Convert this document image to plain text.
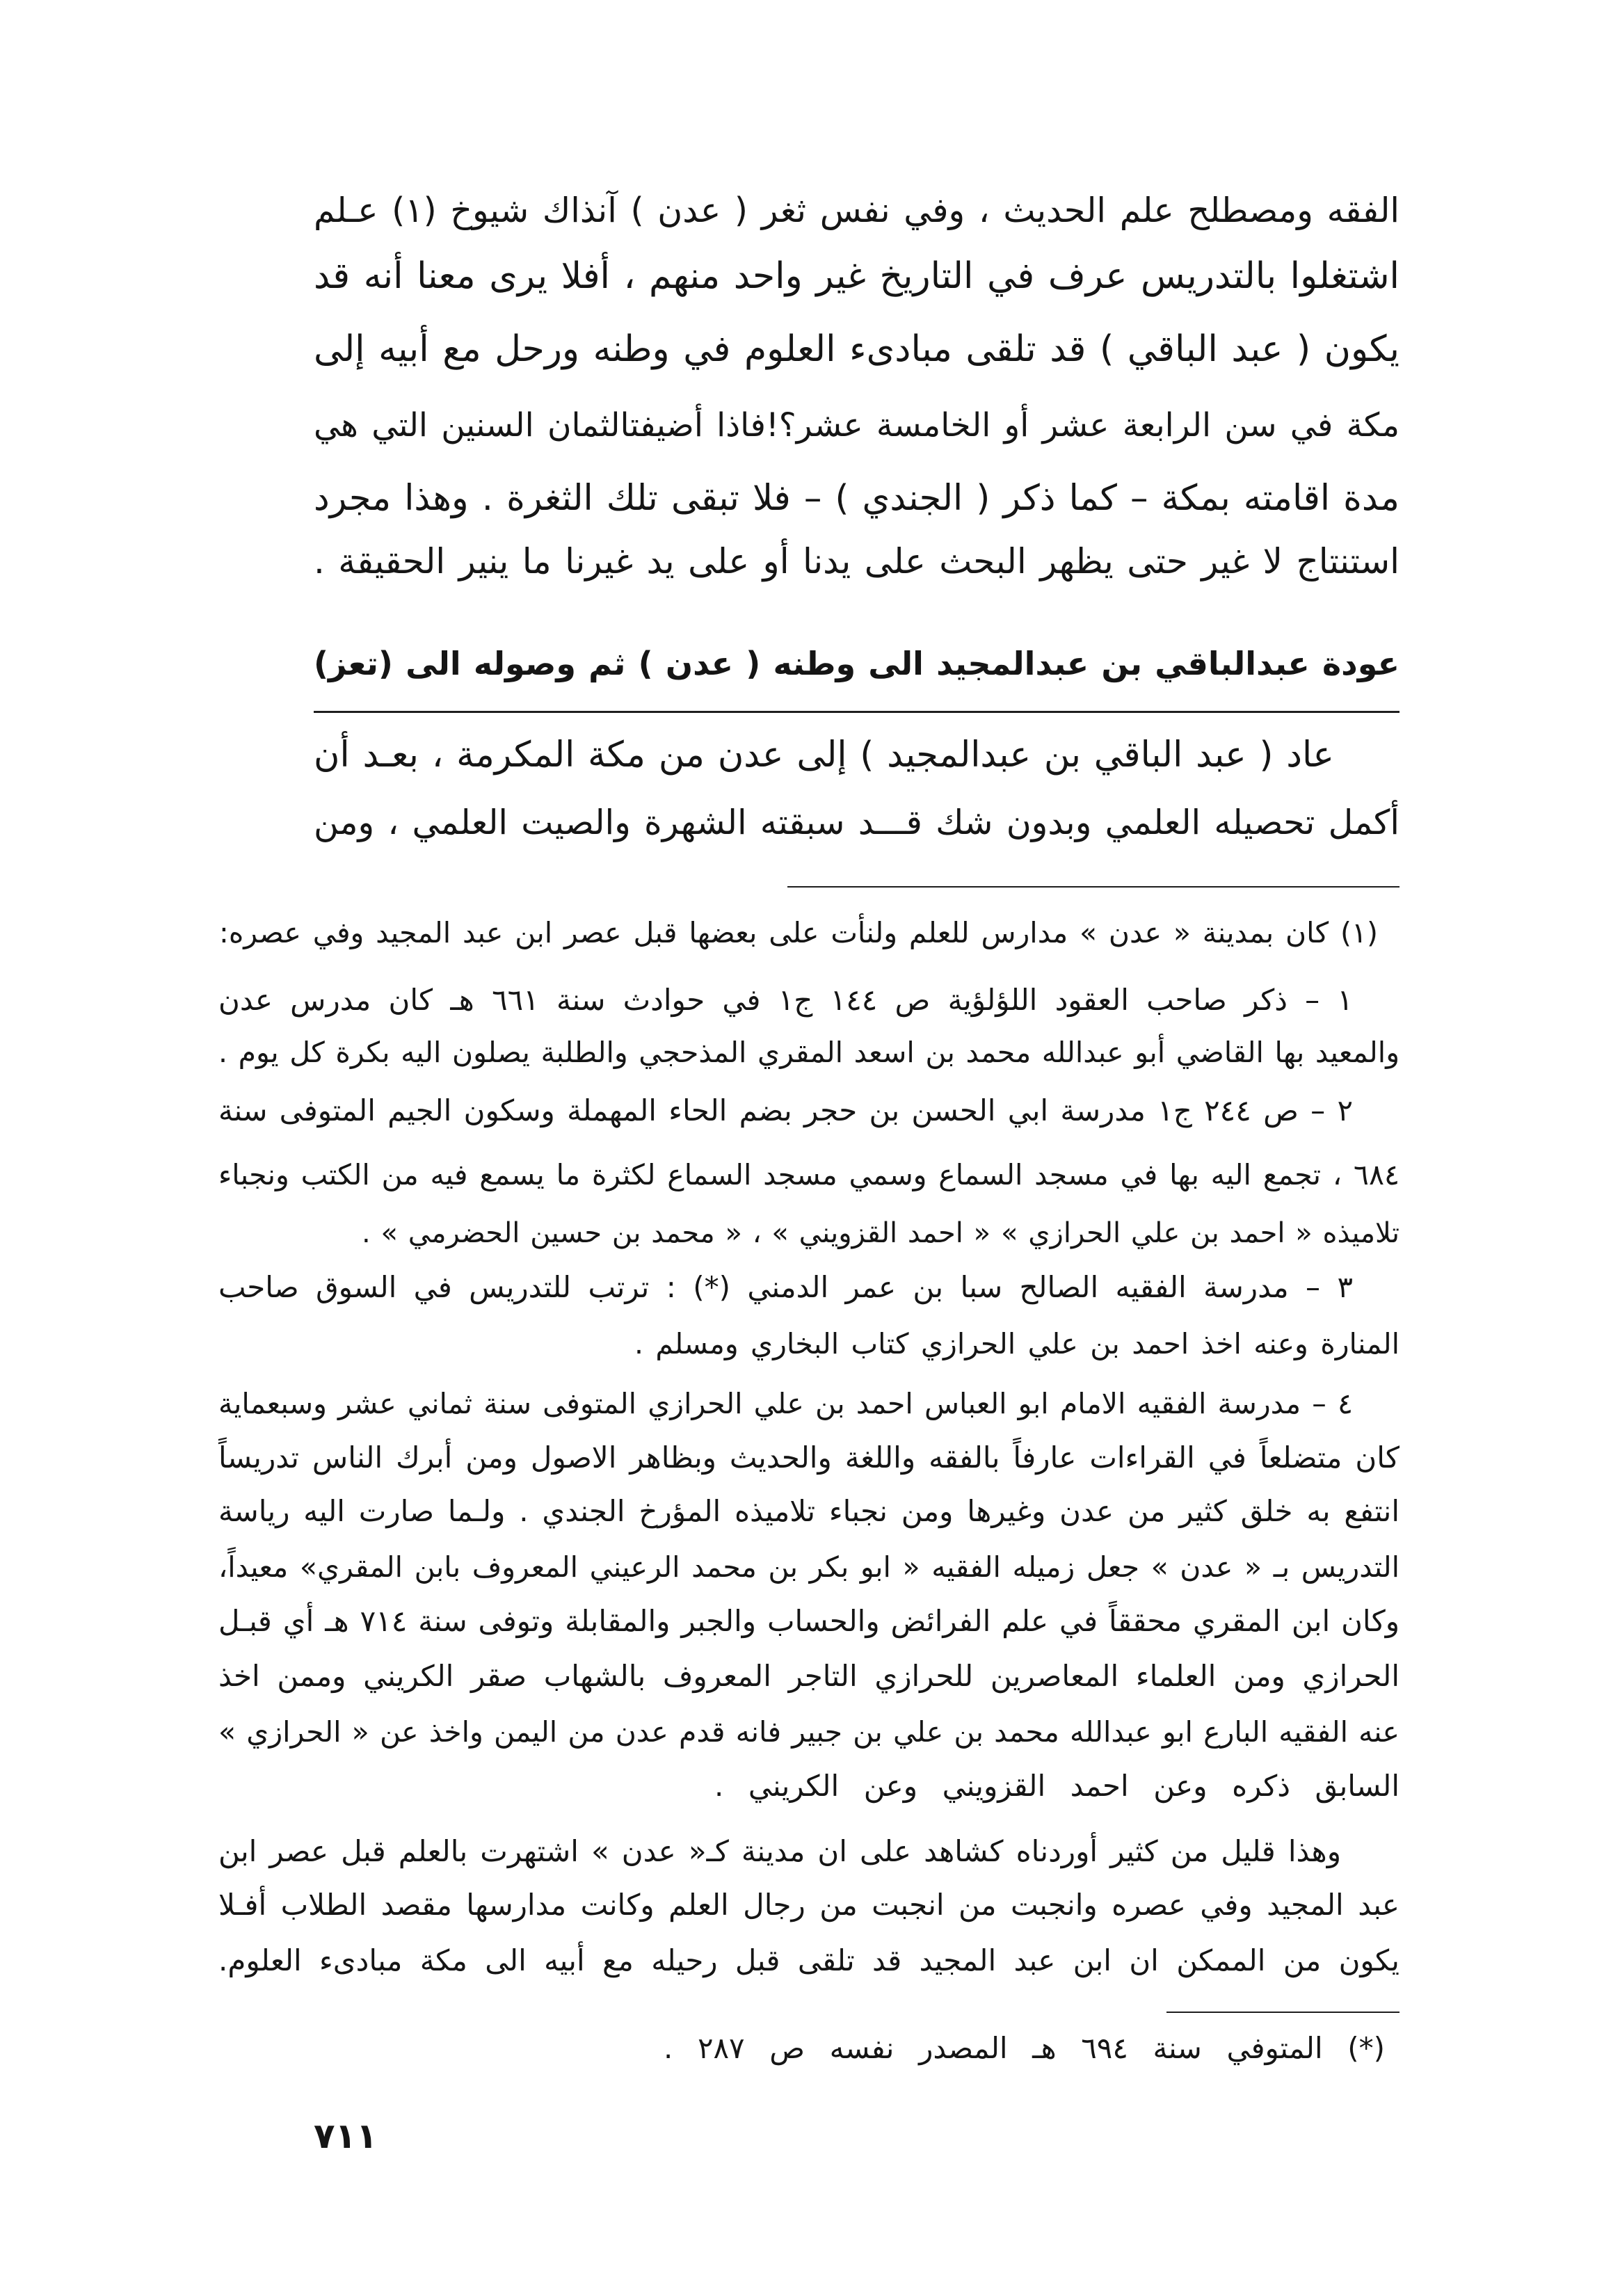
الفقه ومصطلح علم الحديث ، وفي نفس ثغر ( عدن ) آنذاك شيوخ (١) عـلم
اشتغلوا بالتدريس عرف في التاريخ غير واحد منهم ، أفلا يرى معنا أنه قد
يكون ( عبد الباقي ) قد تلقى مبادىء العلوم في وطنه ورحل مع أبيه إلى
مكة في سن الرابعة عشر أو الخامسة عشر؟!فاذا أضيفتالثمان السنين التي هي
مدة اقامته بمكة – كما ذكر ( الجندي ) – فلا تبقى تلك الثغرة . وهذا مجرد
استنتاج لا غير حتى يظهر البحث على يدنا أو على يد غيرنا ما ينير الحقيقة .
عودة عبدالباقي بن عبدالمجيد الى وطنه ( عدن ) ثم وصوله الى (تعز)
عاد ( عبد الباقي بن عبدالمجيد ) إلى عدن من مكة المكرمة ، بعـد أن
أكمل تحصيله العلمي وبدون شك قـــد سبقته الشهرة والصيت العلمي ، ومن
(١) كان بمدينة « عدن » مدارس للعلم ولنأت على بعضها قبل عصر ابن عبد المجيد وفي عصره:
١ – ذكر صاحب العقود اللؤلؤية ص ١٤٤ ج١ في حوادث سنة ٦٦١ هـ كان مدرس عدن
والمعيد بها القاضي أبو عبدالله محمد بن اسعد المقري المذحجي والطلبة يصلون اليه بكرة كل يوم .
٢ – ص ٢٤٤ ج١ مدرسة ابي الحسن بن حجر بضم الحاء المهملة وسكون الجيم المتوفى سنة
٦٨٤ ، تجمع اليه بها في مسجد السماع وسمي مسجد السماع لكثرة ما يسمع فيه من الكتب ونجباء
تلاميذه « احمد بن علي الحرازي » « احمد القزويني » ، « محمد بن حسين الحضرمي » .
٣ – مدرسة الفقيه الصالح سبا بن عمر الدمني (*) : ترتب للتدريس في السوق صاحب
المنارة وعنه اخذ احمد بن علي الحرازي كتاب البخاري ومسلم .
٤ – مدرسة الفقيه الامام ابو العباس احمد بن علي الحرازي المتوفى سنة ثماني عشر وسبعماية
كان متضلعاً في القراءات عارفاً بالفقه واللغة والحديث وبظاهر الاصول ومن أبرك الناس تدريساً
انتفع به خلق كثير من عدن وغيرها ومن نجباء تلاميذه المؤرخ الجندي . ولـما صارت اليه رياسة
التدريس بـ « عدن » جعل زميله الفقيه « ابو بكر بن محمد الرعيني المعروف بابن المقري» معيداً،
وكان ابن المقري محققاً في علم الفرائض والحساب والجبر والمقابلة وتوفى سنة ٧١٤ هـ أي قبـل
الحرازي ومن العلماء المعاصرين للحرازي التاجر المعروف بالشهاب صقر الكريني وممن اخذ
عنه الفقيه البارع ابو عبدالله محمد بن علي بن جبير فانه قدم عدن من اليمن واخذ عن « الحرازي »
السابق ذكره وعن احمد القزويني وعن الكريني .
وهذا قليل من كثير أوردناه كشاهد على ان مدينة كـ« عدن » اشتهرت بالعلم قبل عصر ابن
عبد المجيد وفي عصره وانجبت من انجبت من رجال العلم وكانت مدارسها مقصد الطلاب أفـلا
يكون من الممكن ان ابن عبد المجيد قد تلقى قبل رحيله مع أبيه الى مكة مبادىء العلوم.
(*) المتوفي سنة ٦٩٤ هـ المصدر نفسه ص ٢٨٧ .
٧١١
